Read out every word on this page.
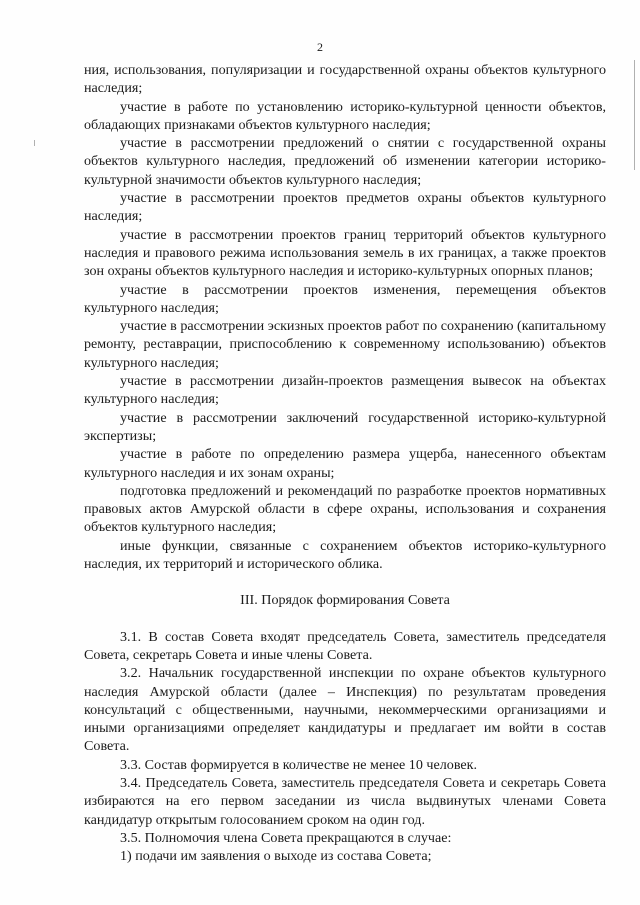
2

ния, использования, популяризации и государственной охраны объектов культурного наследия;

участие в работе по установлению историко-культурной ценности объектов, обладающих признаками объектов культурного наследия;

участие в рассмотрении предложений о снятии с государственной охраны объектов культурного наследия, предложений об изменении категории историко-культурной значимости объектов культурного наследия;

участие в рассмотрении проектов предметов охраны объектов культурного наследия;

участие в рассмотрении проектов границ территорий объектов культурного наследия и правового режима использования земель в их границах, а также проектов зон охраны объектов культурного наследия и историко-культурных опорных планов;

участие в рассмотрении проектов изменения, перемещения объектов культурного наследия;

участие в рассмотрении эскизных проектов работ по сохранению (капитальному ремонту, реставрации, приспособлению к современному использованию) объектов культурного наследия;

участие в рассмотрении дизайн-проектов размещения вывесок на объектах культурного наследия;

участие в рассмотрении заключений государственной историко-культурной экспертизы;

участие в работе по определению размера ущерба, нанесенного объектам культурного наследия и их зонам охраны;

подготовка предложений и рекомендаций по разработке проектов нормативных правовых актов Амурской области в сфере охраны, использования и сохранения объектов культурного наследия;

иные функции, связанные с сохранением объектов историко-культурного наследия, их территорий и исторического облика.

III. Порядок формирования Совета

3.1. В состав Совета входят председатель Совета, заместитель председателя Совета, секретарь Совета и иные члены Совета.

3.2. Начальник государственной инспекции по охране объектов культурного наследия Амурской области (далее – Инспекция) по результатам проведения консультаций с общественными, научными, некоммерческими организациями и иными организациями определяет кандидатуры и предлагает им войти в состав Совета.

3.3. Состав формируется в количестве не менее 10 человек.

3.4. Председатель Совета, заместитель председателя Совета и секретарь Совета избираются на его первом заседании из числа выдвинутых членами Совета кандидатур открытым голосованием сроком на один год.

3.5. Полномочия члена Совета прекращаются в случае:

1) подачи им заявления о выходе из состава Совета;
